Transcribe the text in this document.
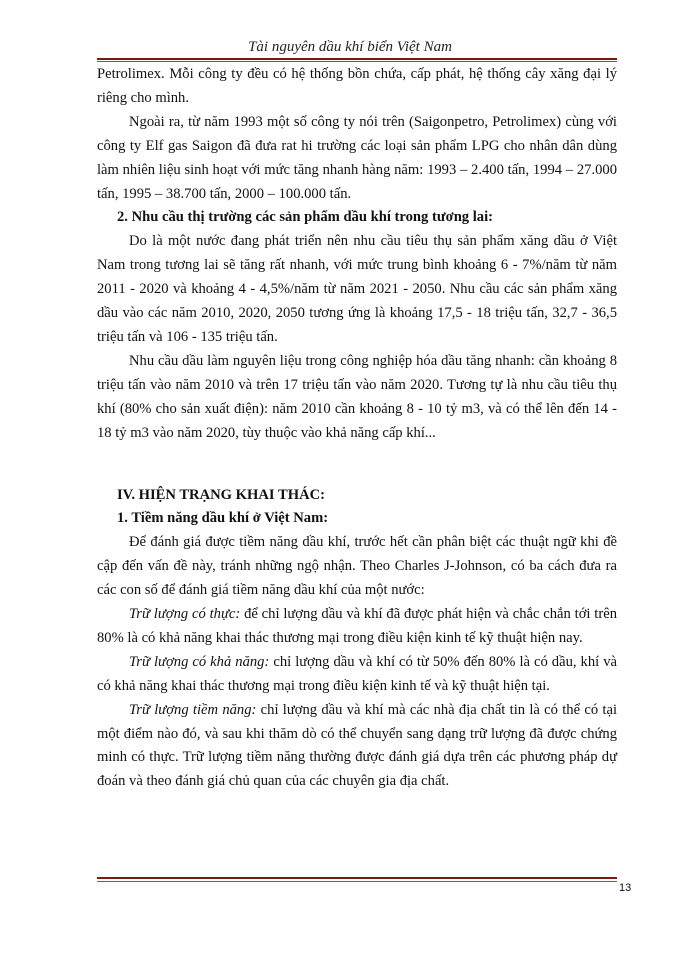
Tài nguyên dầu khí biển Việt Nam

Petrolimex. Mỗi công ty đều có hệ thống bồn chứa, cấp phát, hệ thống cây xăng đại lý riêng cho mình.

Ngoài ra, từ năm 1993 một số công ty nói trên (Saigonpetro, Petrolimex) cùng với công ty Elf gas Saigon đã đưa rat hi trường các loại sản phẩm LPG cho nhân dân dùng làm nhiên liệu sinh hoạt với mức tăng nhanh hàng năm: 1993 – 2.400 tấn, 1994 – 27.000 tấn, 1995 – 38.700 tấn, 2000 – 100.000 tấn.

2. Nhu cầu thị trường các sản phẩm dầu khí trong tương lai:

Do là một nước đang phát triển nên nhu cầu tiêu thụ sản phẩm xăng dầu ở Việt Nam trong tương lai sẽ tăng rất nhanh, với mức trung bình khoảng 6 - 7%/năm từ năm 2011 - 2020 và khoảng 4 - 4,5%/năm từ năm 2021 - 2050. Nhu cầu các sản phẩm xăng dầu vào các năm 2010, 2020, 2050 tương ứng là khoảng 17,5 - 18 triệu tấn, 32,7 - 36,5 triệu tấn và 106 - 135 triệu tấn.

Nhu cầu dầu làm nguyên liệu trong công nghiệp hóa dầu tăng nhanh: cần khoảng 8 triệu tấn vào năm 2010 và trên 17 triệu tấn vào năm 2020. Tương tự là nhu cầu tiêu thụ khí (80% cho sản xuất điện): năm 2010 cần khoảng 8 - 10 tỷ m3, và có thể lên đến 14 - 18 tỷ m3 vào năm 2020, tùy thuộc vào khả năng cấp khí...

IV. HIỆN TRẠNG KHAI THÁC:

1. Tiềm năng dầu khí ở Việt Nam:

Để đánh giá được tiềm năng dầu khí, trước hết cần phân biệt các thuật ngữ khi đề cập đến vấn đề này, tránh những ngộ nhận. Theo Charles J-Johnson, có ba cách đưa ra các con số để đánh giá tiềm năng dầu khí của một nước:

Trữ lượng có thực: để chỉ lượng dầu và khí đã được phát hiện và chắc chắn tới trên 80% là có khả năng khai thác thương mại trong điều kiện kinh tế kỹ thuật hiện nay.

Trữ lượng có khả năng: chỉ lượng dầu và khí có từ 50% đến 80% là có dầu, khí và có khả năng khai thác thương mại trong điều kiện kinh tế và kỹ thuật hiện tại.

Trữ lượng tiềm năng: chỉ lượng dầu và khí mà các nhà địa chất tin là có thể có tại một điểm nào đó, và sau khi thăm dò có thể chuyển sang dạng trữ lượng đã được chứng minh có thực. Trữ lượng tiềm năng thường được đánh giá dựa trên các phương pháp dự đoán và theo đánh giá chủ quan của các chuyên gia địa chất.

13
